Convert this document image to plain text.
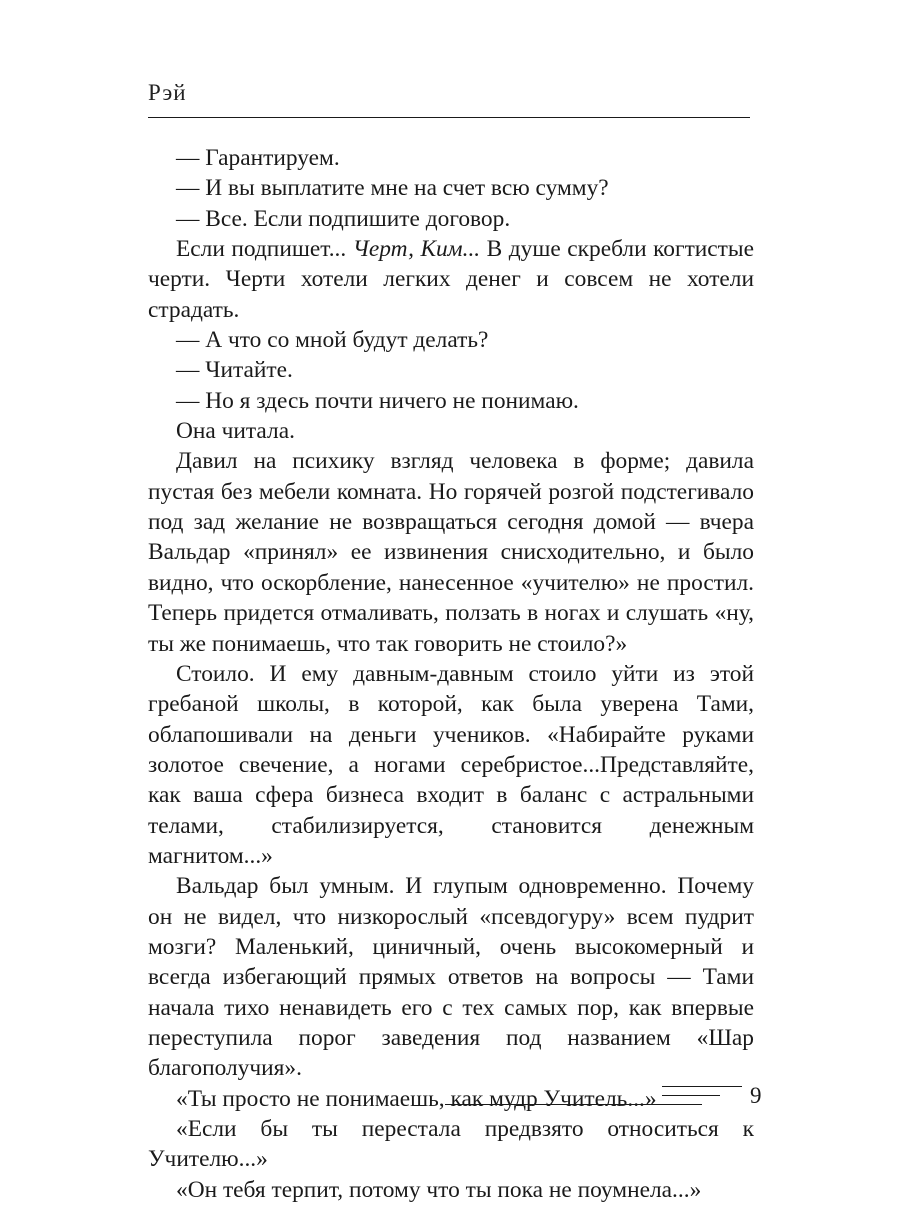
Рэй

— Гарантируем.

— И вы выплатите мне на счет всю сумму?

— Все. Если подпишите договор.

Если подпишет... Черт, Ким... В душе скребли когтистые черти. Черти хотели легких денег и совсем не хотели страдать.

— А что со мной будут делать?

— Читайте.

— Но я здесь почти ничего не понимаю.

Она читала.

Давил на психику взгляд человека в форме; давила пустая без мебели комната. Но горячей розгой подстегивало под зад желание не возвращаться сегодня домой — вчера Вальдар «принял» ее извинения снисходительно, и было видно, что оскорбление, нанесенное «учителю» не простил. Теперь придется отмаливать, ползать в ногах и слушать «ну, ты же понимаешь, что так говорить не стоило?»

Стоило. И ему давным-давным стоило уйти из этой гребаной школы, в которой, как была уверена Тами, облапошивали на деньги учеников. «Набирайте руками золотое свечение, а ногами серебристое...Представляйте, как ваша сфера бизнеса входит в баланс с астральными телами, стабилизируется, становится денежным магнитом...»

Вальдар был умным. И глупым одновременно. Почему он не видел, что низкорослый «псевдогуру» всем пудрит мозги? Маленький, циничный, очень высокомерный и всегда избегающий прямых ответов на вопросы — Тами начала тихо ненавидеть его с тех самых пор, как впервые переступила порог заведения под названием «Шар благополучия».

«Ты просто не понимаешь, как мудр Учитель...»

«Если бы ты перестала предвзято относиться к Учителю...»

«Он тебя терпит, потому что ты пока не поумнела...»

9
